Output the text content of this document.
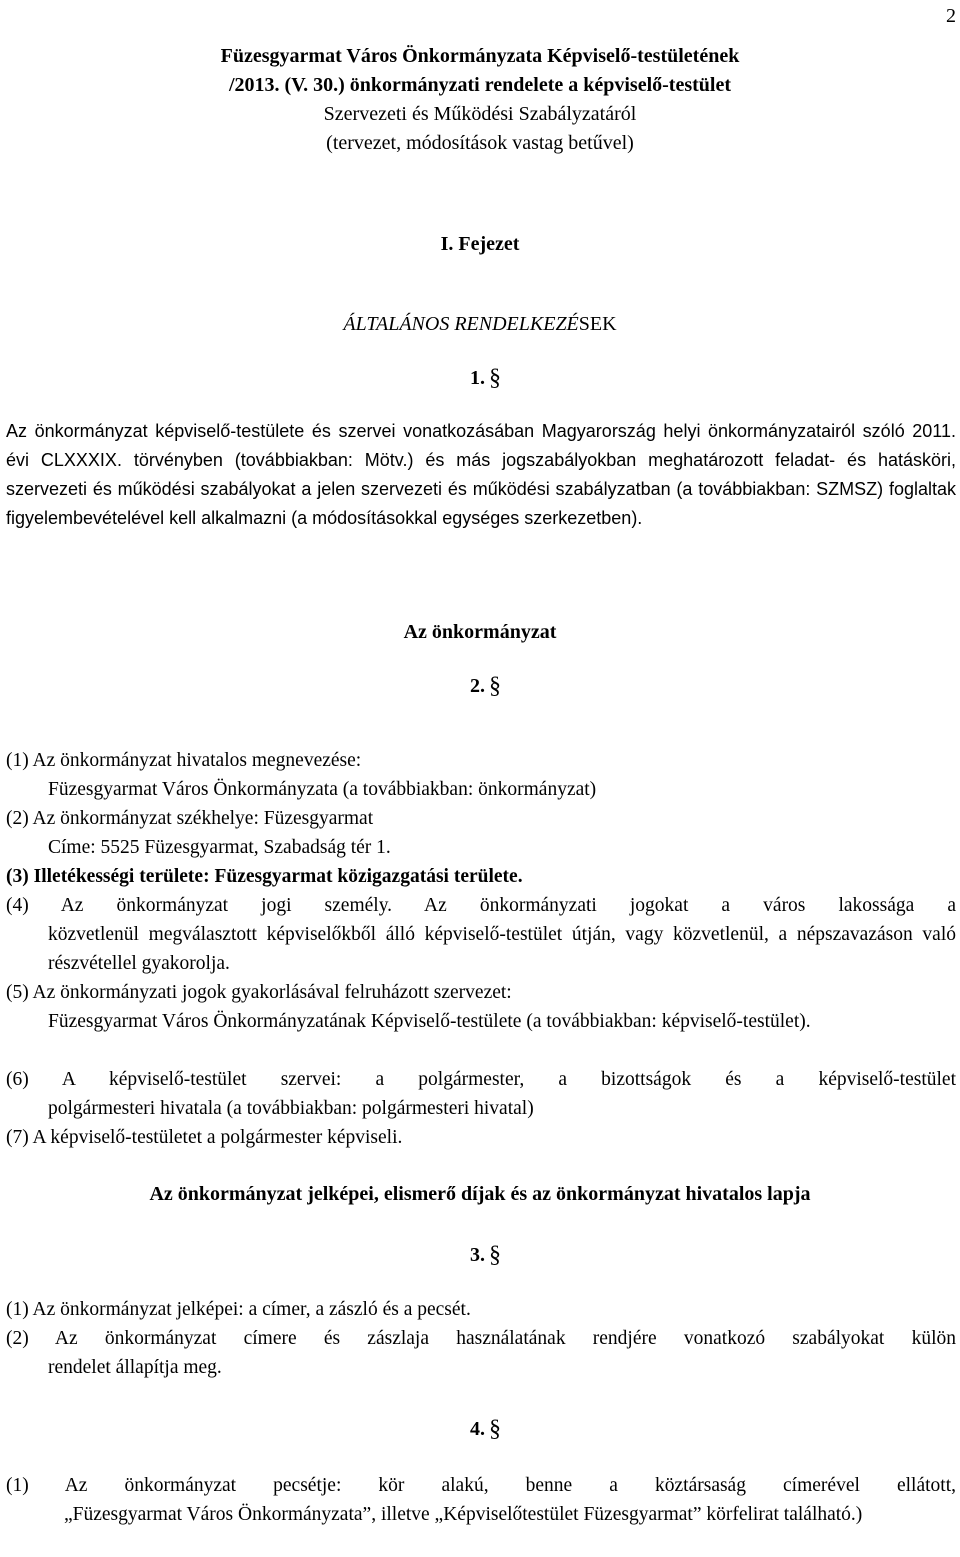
2
Füzesgyarmat Város Önkormányzata Képviselő-testületének
/2013. (V. 30.) önkormányzati rendelete a képviselő-testület
Szervezeti és Működési Szabályzatáról
(tervezet, módosítások vastag betűvel)
I. Fejezet
ÁLTALÁNOS RENDELKEZÉSEK
1. §
Az önkormányzat képviselő-testülete és szervei vonatkozásában Magyarország helyi önkormányzatairól szóló 2011. évi CLXXXIX. törvényben (továbbiakban: Mötv.) és más jogszabályokban meghatározott feladat- és hatásköri, szervezeti és működési szabályokat a jelen szervezeti és működési szabályzatban (a továbbiakban: SZMSZ) foglaltak figyelembevételével kell alkalmazni (a módosításokkal egységes szerkezetben).
Az önkormányzat
2. §
(1) Az önkormányzat hivatalos megnevezése:
Füzesgyarmat Város Önkormányzata (a továbbiakban: önkormányzat)
(2) Az önkormányzat székhelye: Füzesgyarmat
Címe: 5525 Füzesgyarmat, Szabadság tér 1.
(3) Illetékességi területe: Füzesgyarmat közigazgatási területe.
(4) Az önkormányzat jogi személy. Az önkormányzati jogokat a város lakossága a
közvetlenül megválasztott képviselőkből álló képviselő-testület útján, vagy közvetlenül, a népszavazáson való részvétellel gyakorolja.
(5) Az önkormányzati jogok gyakorlásával felruházott szervezet:
Füzesgyarmat Város Önkormányzatának Képviselő-testülete (a továbbiakban: képviselő-testület).
(6) A képviselő-testület szervei: a polgármester, a bizottságok és a képviselő-testület
polgármesteri hivatala (a továbbiakban: polgármesteri hivatal)
(7) A képviselő-testületet a polgármester képviseli.
Az önkormányzat jelképei, elismerő díjak és az önkormányzat hivatalos lapja
3. §
(1) Az önkormányzat jelképei: a címer, a zászló és a pecsét.
(2) Az önkormányzat címere és zászlaja használatának rendjére vonatkozó szabályokat külön
rendelet állapítja meg.
4. §
(1) Az önkormányzat pecsétje: kör alakú, benne a köztársaság címerével ellátott,
„Füzesgyarmat Város Önkormányzata”, illetve „Képviselőtestület Füzesgyarmat” körfelirat található.)
